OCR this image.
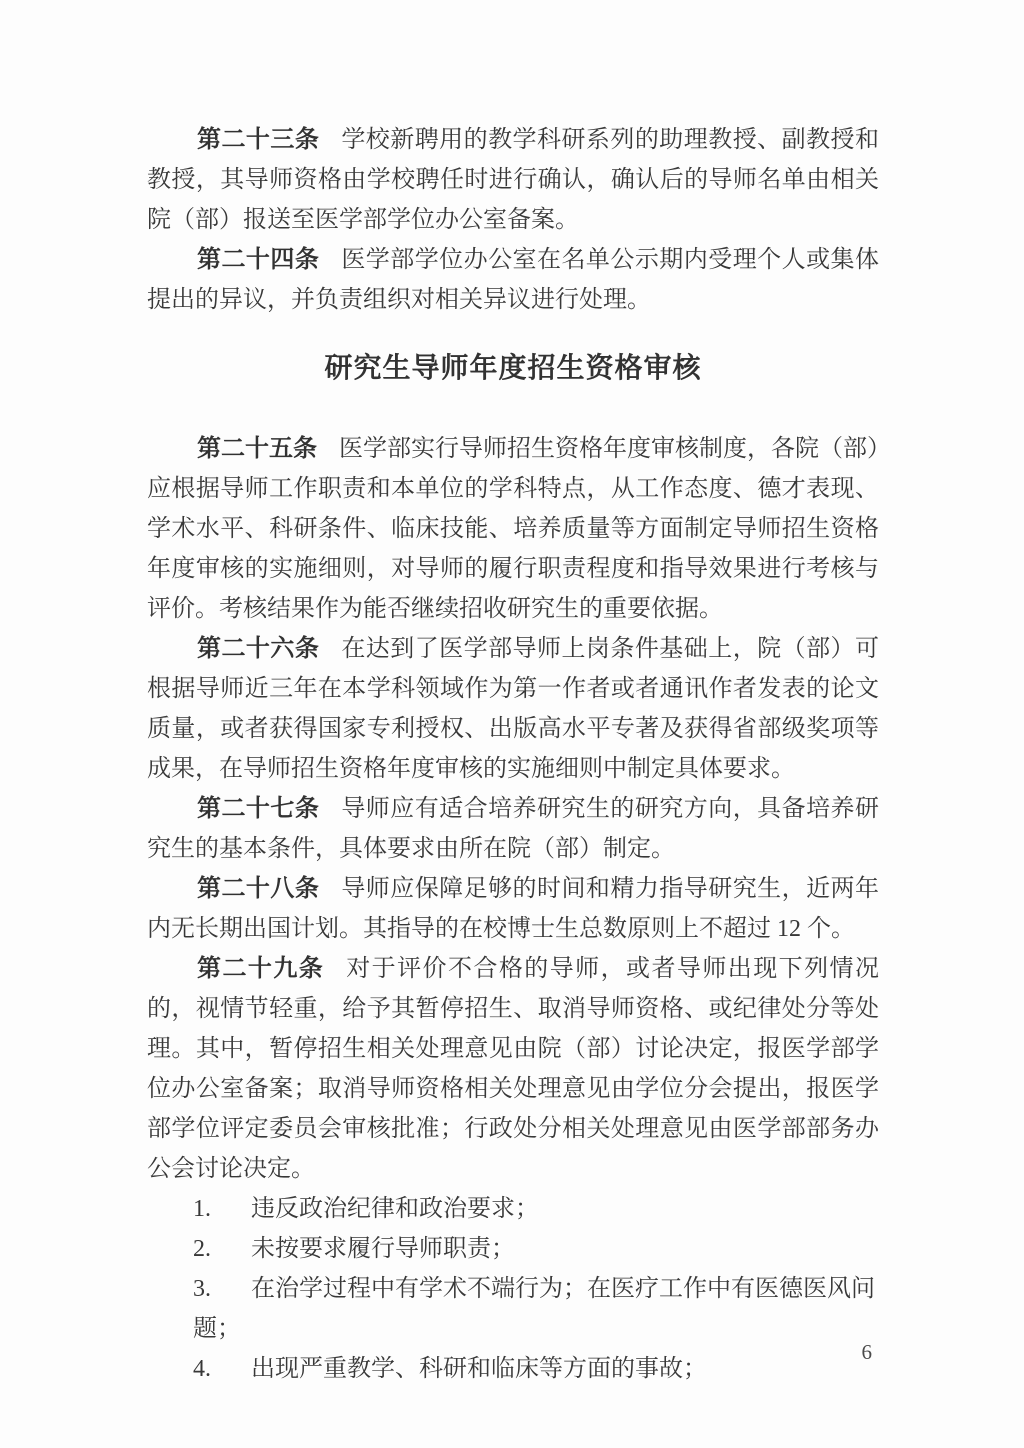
第二十三条 学校新聘用的教学科研系列的助理教授、副教授和教授，其导师资格由学校聘任时进行确认，确认后的导师名单由相关院（部）报送至医学部学位办公室备案。

第二十四条 医学部学位办公室在名单公示期内受理个人或集体提出的异议，并负责组织对相关异议进行处理。

研究生导师年度招生资格审核

第二十五条 医学部实行导师招生资格年度审核制度，各院（部）应根据导师工作职责和本单位的学科特点，从工作态度、德才表现、学术水平、科研条件、临床技能、培养质量等方面制定导师招生资格年度审核的实施细则，对导师的履行职责程度和指导效果进行考核与评价。考核结果作为能否继续招收研究生的重要依据。

第二十六条 在达到了医学部导师上岗条件基础上，院（部）可根据导师近三年在本学科领域作为第一作者或者通讯作者发表的论文质量，或者获得国家专利授权、出版高水平专著及获得省部级奖项等成果，在导师招生资格年度审核的实施细则中制定具体要求。

第二十七条 导师应有适合培养研究生的研究方向，具备培养研究生的基本条件，具体要求由所在院（部）制定。

第二十八条 导师应保障足够的时间和精力指导研究生，近两年内无长期出国计划。其指导的在校博士生总数原则上不超过 12 个。

第二十九条 对于评价不合格的导师，或者导师出现下列情况的，视情节轻重，给予其暂停招生、取消导师资格、或纪律处分等处理。其中，暂停招生相关处理意见由院（部）讨论决定，报医学部学位办公室备案；取消导师资格相关处理意见由学位分会提出，报医学部学位评定委员会审核批准；行政处分相关处理意见由医学部部务办公会讨论决定。

1. 违反政治纪律和政治要求；
2. 未按要求履行导师职责；
3. 在治学过程中有学术不端行为；在医疗工作中有医德医风问题；
4. 出现严重教学、科研和临床等方面的事故；
6
